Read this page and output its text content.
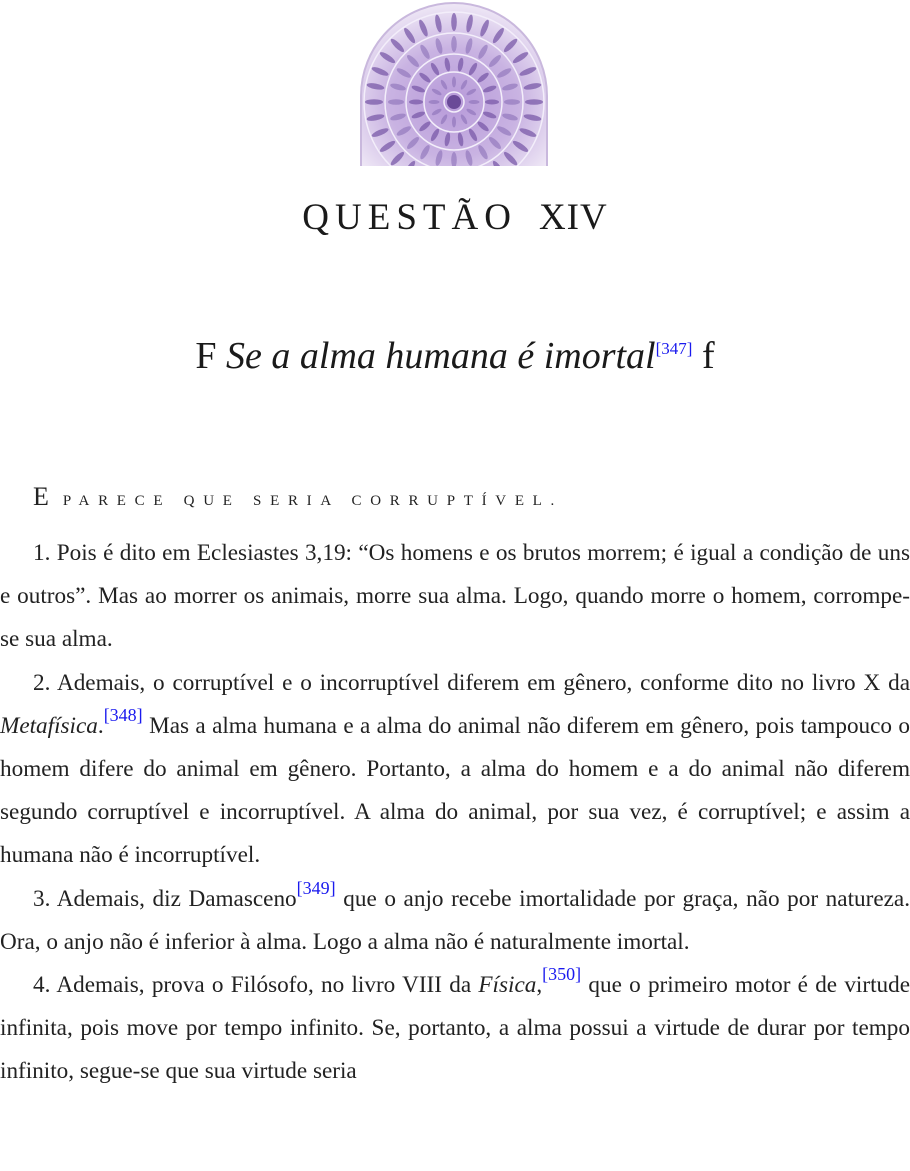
QUESTÃO XIV
F Se a alma humana é imortal[347] f
EPARECE QUE SERIA CORRUPTÍVEL.

1. Pois é dito em Eclesiastes 3,19: “Os homens e os brutos morrem; é igual a condição de uns e outros”. Mas ao morrer os animais, morre sua alma. Logo, quando morre o homem, corrompe-se sua alma.

2. Ademais, o corruptível e o incorruptível diferem em gênero, conforme dito no livro X da Metafísica.[348] Mas a alma humana e a alma do animal não diferem em gênero, pois tampouco o homem difere do animal em gênero. Portanto, a alma do homem e a do animal não diferem segundo corruptível e incorruptível. A alma do animal, por sua vez, é corruptível; e assim a humana não é incorruptível.

3. Ademais, diz Damasceno[349] que o anjo recebe imortalidade por graça, não por natureza. Ora, o anjo não é inferior à alma. Logo a alma não é naturalmente imortal.

4. Ademais, prova o Filósofo, no livro VIII da Física,[350] que o primeiro motor é de virtude infinita, pois move por tempo infinito. Se, portanto, a alma possui a virtude de durar por tempo infinito, segue-se que sua virtude seria
